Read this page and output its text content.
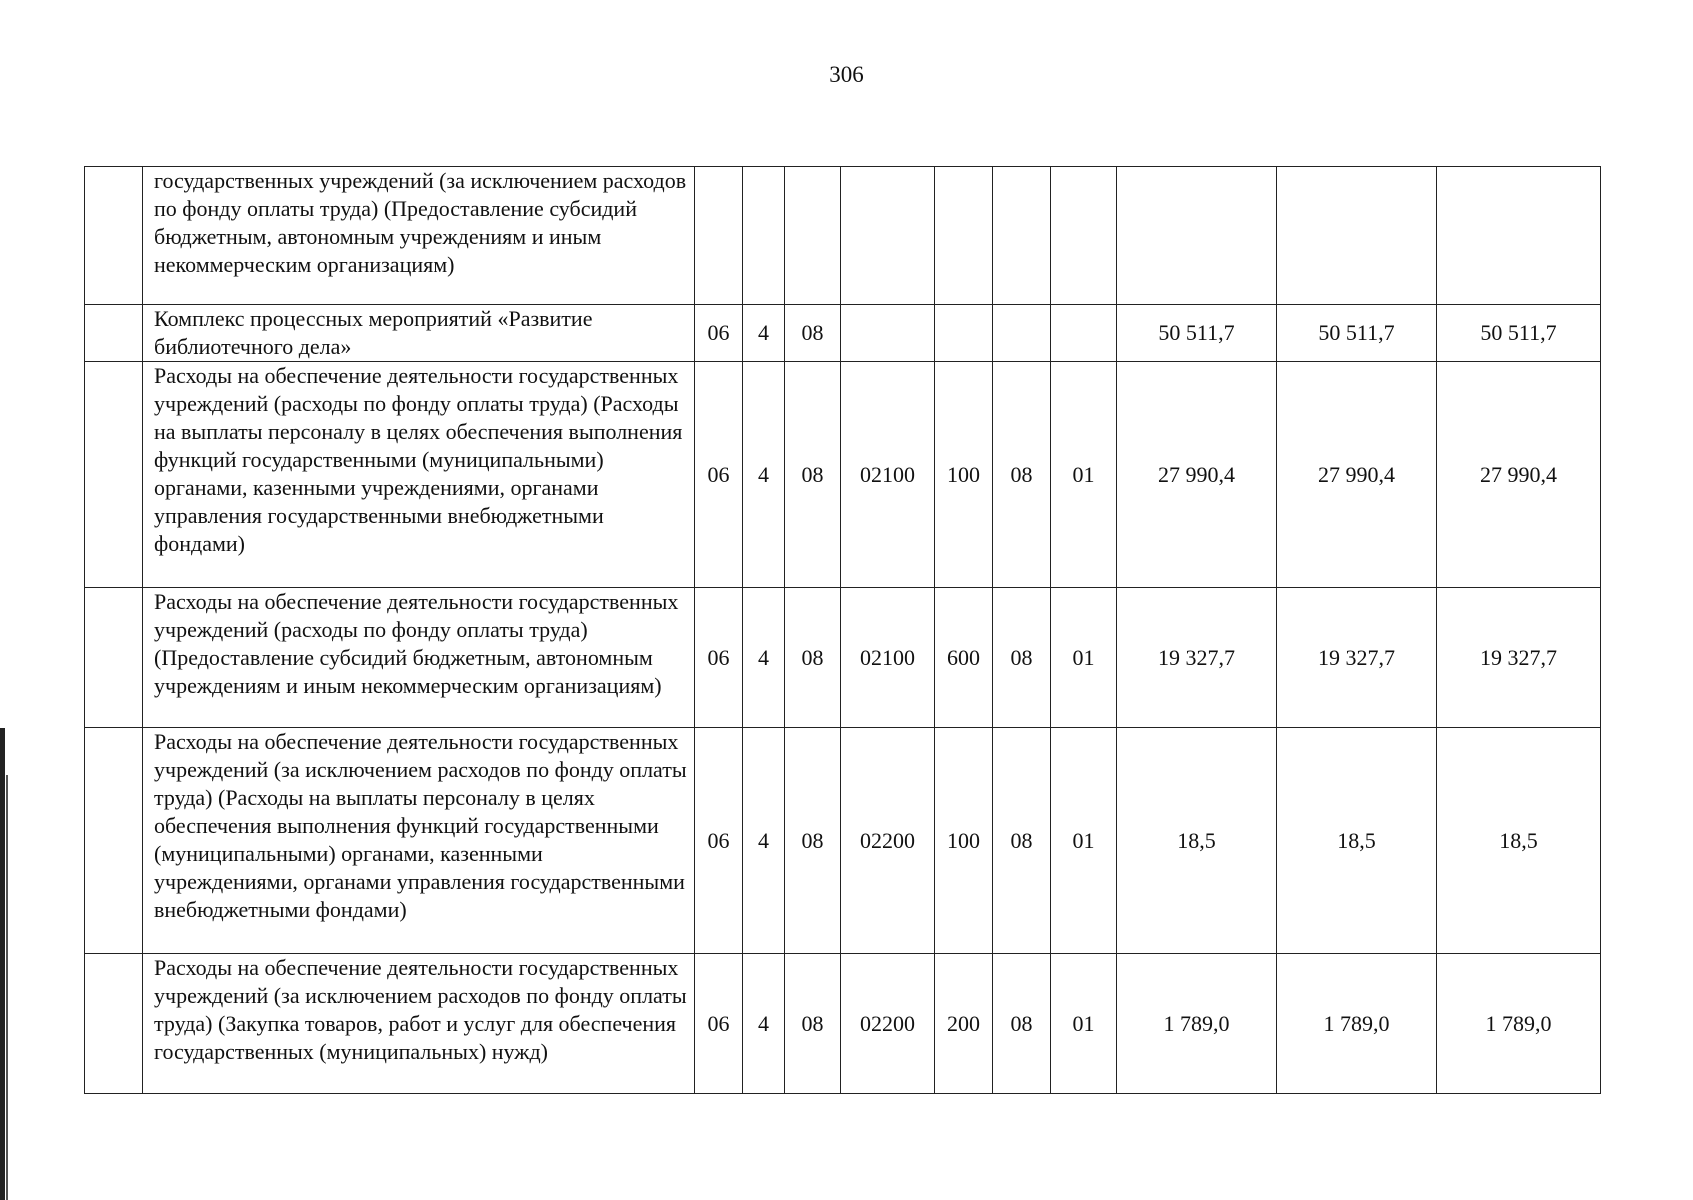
306
	государственных учреждений (за исключением расходов по фонду оплаты труда) (Предоставление субсидий бюджетным, автономным учреждениям и иным некоммерческим организациям)										
	Комплекс процессных мероприятий «Развитие библиотечного дела»	06	4	08					50 511,7	50 511,7	50 511,7
	Расходы на обеспечение деятельности государственных учреждений (расходы по фонду оплаты труда) (Расходы на выплаты персоналу в целях обеспечения выполнения функций государственными (муниципальными) органами, казенными учреждениями, органами управления государственными внебюджетными фондами)	06	4	08	02100	100	08	01	27 990,4	27 990,4	27 990,4
	Расходы на обеспечение деятельности государственных учреждений (расходы по фонду оплаты труда) (Предоставление субсидий бюджетным, автономным учреждениям и иным некоммерческим организациям)	06	4	08	02100	600	08	01	19 327,7	19 327,7	19 327,7
	Расходы на обеспечение деятельности государственных учреждений (за исключением расходов по фонду оплаты труда) (Расходы на выплаты персоналу в целях обеспечения выполнения функций государственными (муниципальными) органами, казенными учреждениями, органами управления государственными внебюджетными фондами)	06	4	08	02200	100	08	01	18,5	18,5	18,5
	Расходы на обеспечение деятельности государственных учреждений (за исключением расходов по фонду оплаты труда) (Закупка товаров, работ и услуг для обеспечения государственных (муниципальных) нужд)	06	4	08	02200	200	08	01	1 789,0	1 789,0	1 789,0
